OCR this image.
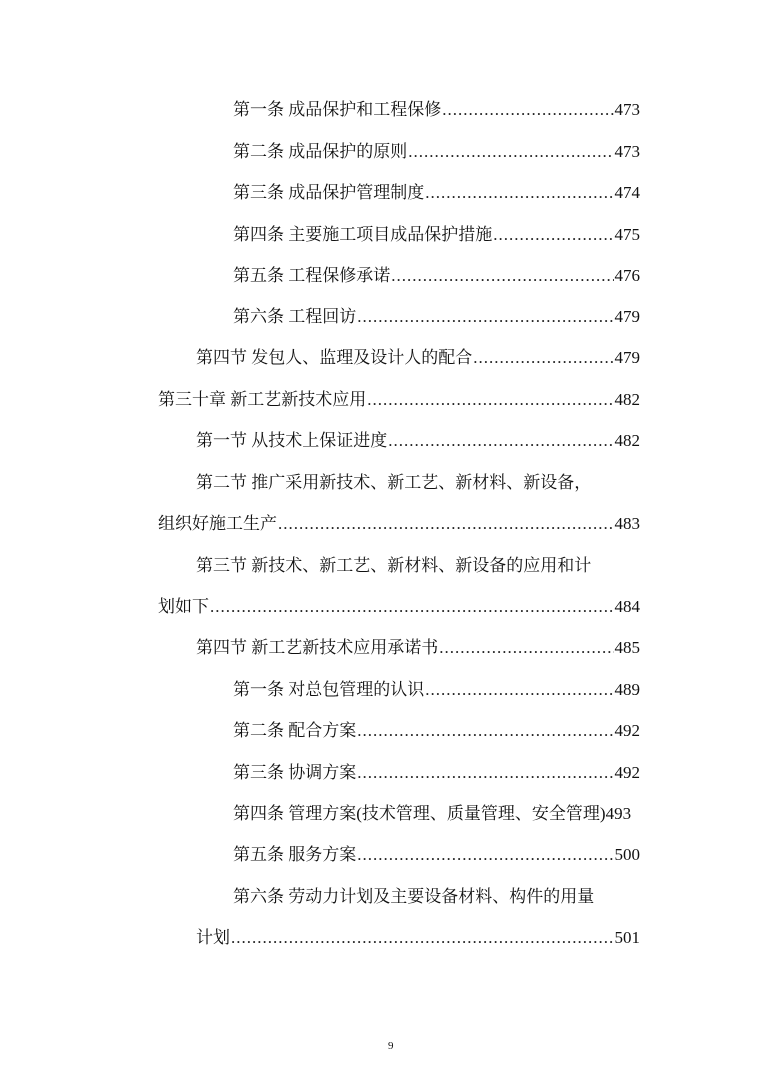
第一条 成品保护和工程保修 .....	473
第二条 成品保护的原则 .....	473
第三条 成品保护管理制度 .....	474
第四条 主要施工项目成品保护措施 .....	475
第五条 工程保修承诺 .....	476
第六条 工程回访 .....	479
第四节 发包人、监理及设计人的配合 .....	479
第三十章 新工艺新技术应用 .....	482
第一节 从技术上保证进度 .....	482
第二节 推广采用新技术、新工艺、新材料、新设备，
组织好施工生产 .....	483
第三节 新技术、新工艺、新材料、新设备的应用和计
划如下 .....	484
第四节 新工艺新技术应用承诺书 .....	485
第一条 对总包管理的认识 .....	489
第二条 配合方案 .....	492
第三条 协调方案 .....	492
第四条 管理方案(技术管理、质量管理、安全管理) 493
第五条 服务方案 .....	500
第六条 劳动力计划及主要设备材料、构件的用量
计划 .....	501
9
